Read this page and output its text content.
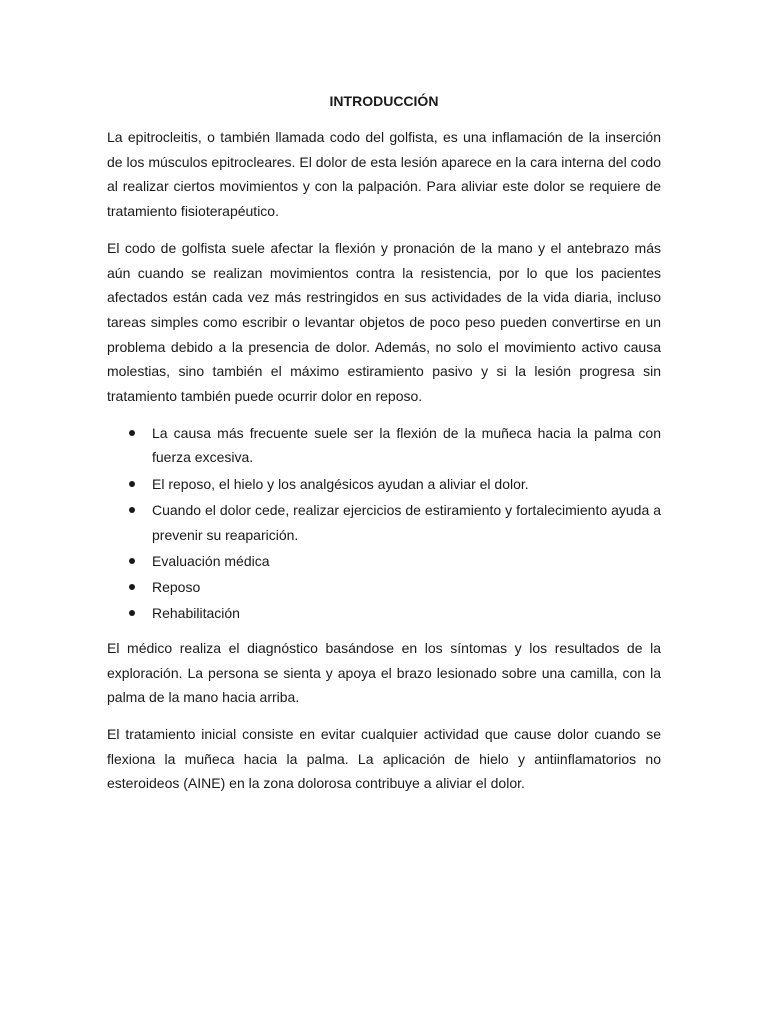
INTRODUCCIÓN

La epitrocleitis, o también llamada codo del golfista, es una inflamación de la inserción de los músculos epitrocleares. El dolor de esta lesión aparece en la cara interna del codo al realizar ciertos movimientos y con la palpación. Para aliviar este dolor se requiere de tratamiento fisioterapéutico.

El codo de golfista suele afectar la flexión y pronación de la mano y el antebrazo más aún cuando se realizan movimientos contra la resistencia, por lo que los pacientes afectados están cada vez más restringidos en sus actividades de la vida diaria, incluso tareas simples como escribir o levantar objetos de poco peso pueden convertirse en un problema debido a la presencia de dolor. Además, no solo el movimiento activo causa molestias, sino también el máximo estiramiento pasivo y si la lesión progresa sin tratamiento también puede ocurrir dolor en reposo.

La causa más frecuente suele ser la flexión de la muñeca hacia la palma con fuerza excesiva.
El reposo, el hielo y los analgésicos ayudan a aliviar el dolor.
Cuando el dolor cede, realizar ejercicios de estiramiento y fortalecimiento ayuda a prevenir su reaparición.
Evaluación médica
Reposo
Rehabilitación

El médico realiza el diagnóstico basándose en los síntomas y los resultados de la exploración. La persona se sienta y apoya el brazo lesionado sobre una camilla, con la palma de la mano hacia arriba.

El tratamiento inicial consiste en evitar cualquier actividad que cause dolor cuando se flexiona la muñeca hacia la palma. La aplicación de hielo y antiinflamatorios no esteroideos (AINE) en la zona dolorosa contribuye a aliviar el dolor.
